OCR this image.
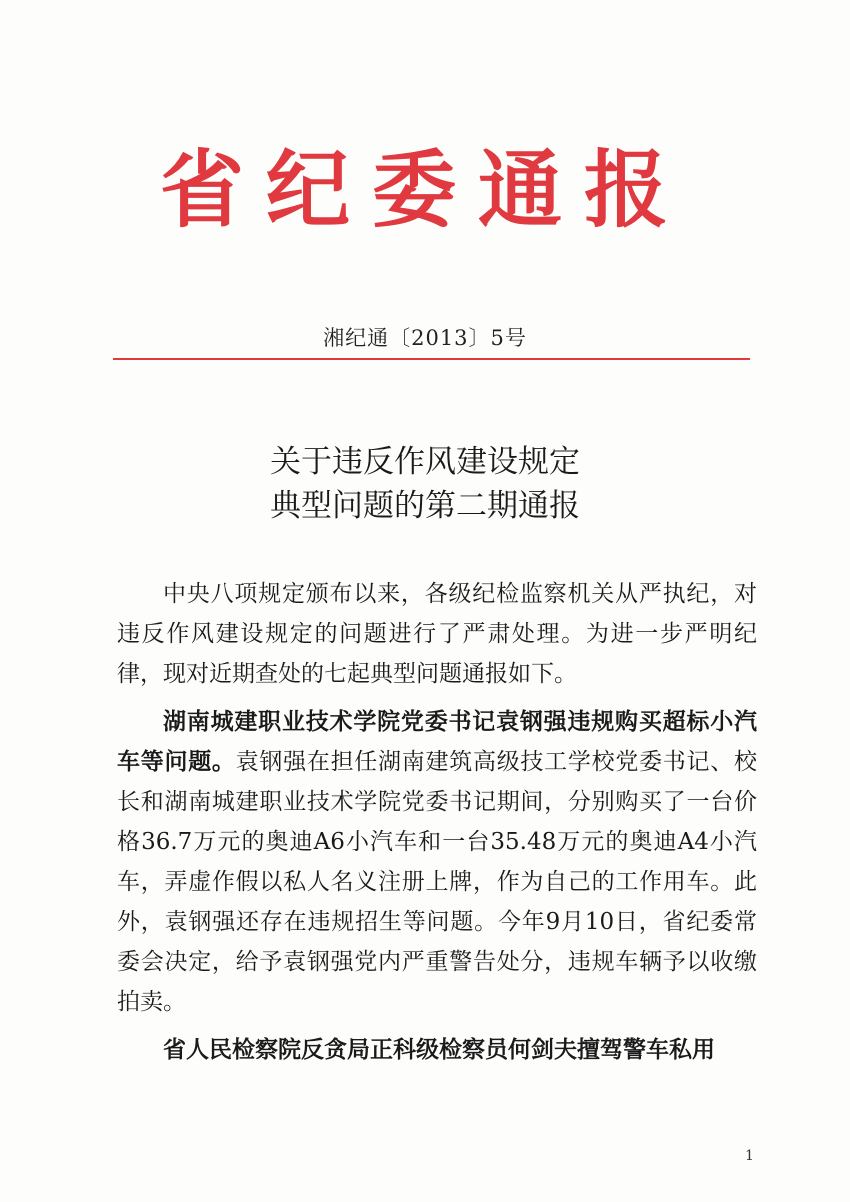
省纪委通报
湘纪通〔2013〕5号
关于违反作风建设规定
典型问题的第二期通报

中央八项规定颁布以来，各级纪检监察机关从严执纪，对违反作风建设规定的问题进行了严肃处理。为进一步严明纪律，现对近期查处的七起典型问题通报如下。

湖南城建职业技术学院党委书记袁钢强违规购买超标小汽车等问题。袁钢强在担任湖南建筑高级技工学校党委书记、校长和湖南城建职业技术学院党委书记期间，分别购买了一台价格36.7万元的奥迪A6小汽车和一台35.48万元的奥迪A4小汽车，弄虚作假以私人名义注册上牌，作为自己的工作用车。此外，袁钢强还存在违规招生等问题。今年9月10日，省纪委常委会决定，给予袁钢强党内严重警告处分，违规车辆予以收缴拍卖。

省人民检察院反贪局正科级检察员何剑夫擅驾警车私用

1
